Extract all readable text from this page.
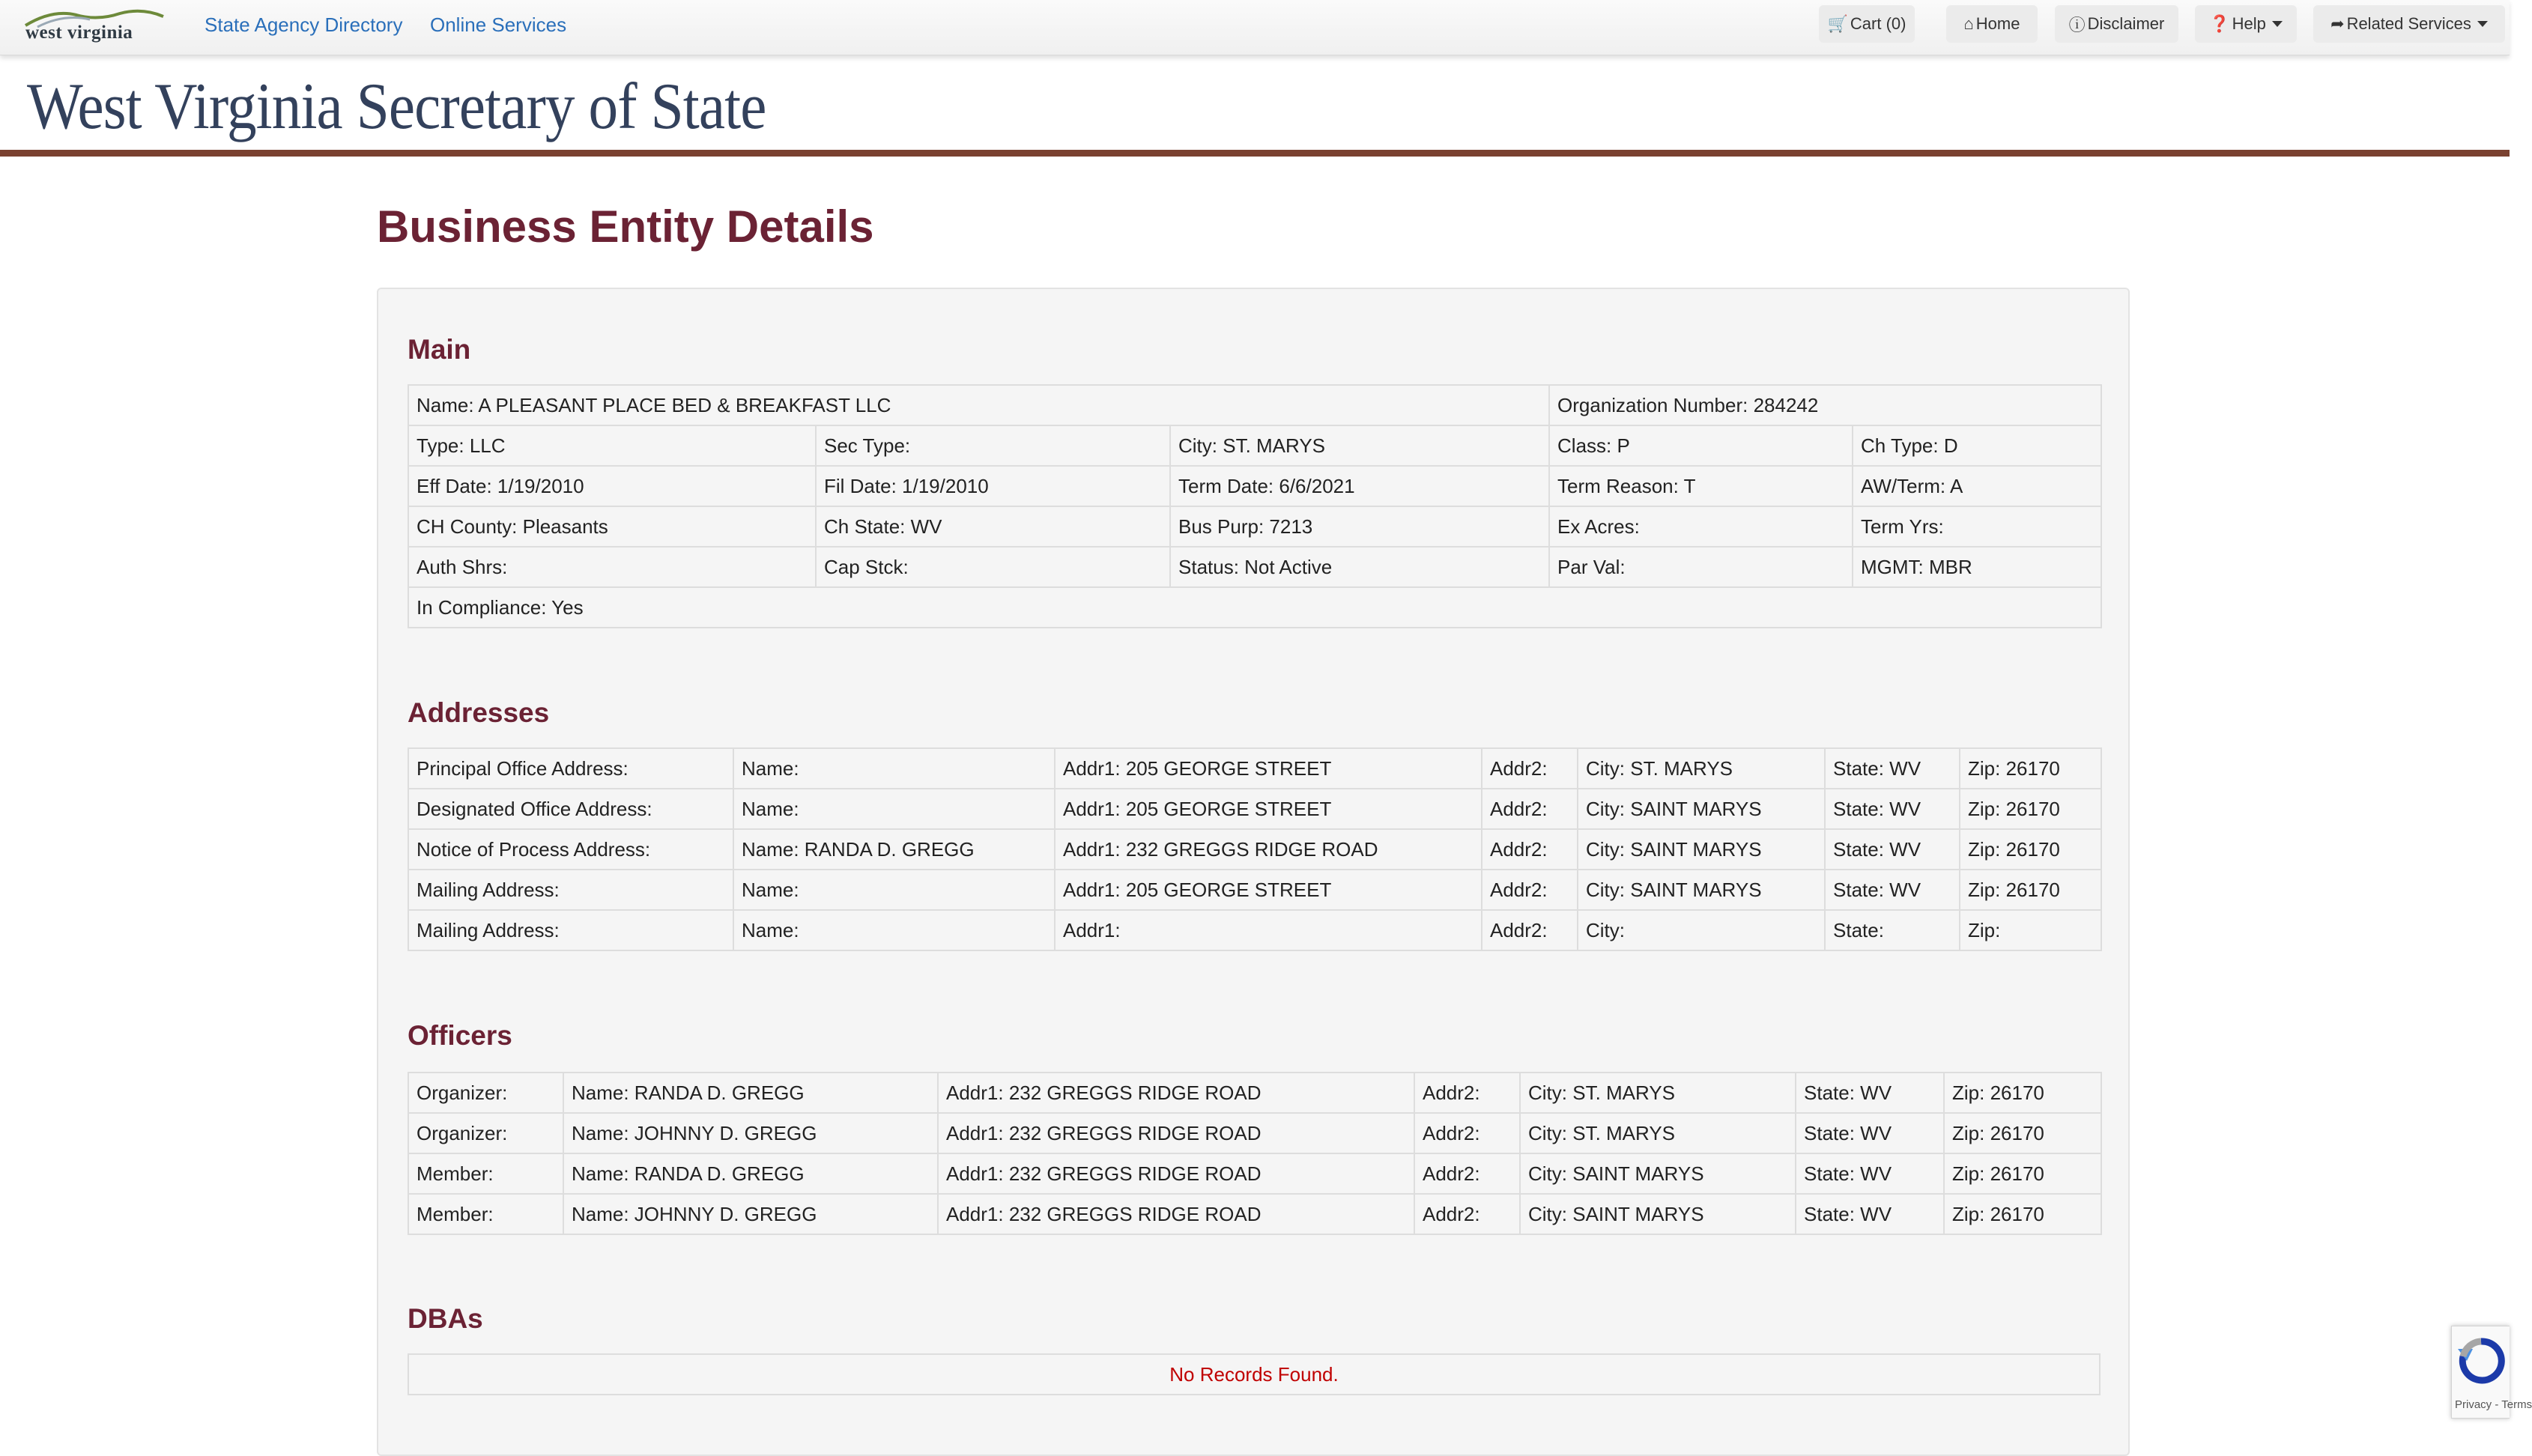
west virginia	State Agency Directory Online Services	🛒 Cart (0)	⌂ Home	ⓘ Disclaimer	❓ Help	➦ Related Services
West Virginia Secretary of State
Business Entity Details
Main
Name: A PLEASANT PLACE BED & BREAKFAST LLC			Organization Number: 284242	
Type: LLC	Sec Type:	City: ST. MARYS	Class: P	Ch Type: D
Eff Date: 1/19/2010	Fil Date: 1/19/2010	Term Date: 6/6/2021	Term Reason: T	AW/Term: A
CH County: Pleasants	Ch State: WV	Bus Purp: 7213	Ex Acres:	Term Yrs:
Auth Shrs:	Cap Stck:	Status: Not Active	Par Val:	MGMT: MBR
In Compliance: Yes				
Addresses
Principal Office Address:	Name:	Addr1: 205 GEORGE STREET	Addr2:	City: ST. MARYS	State: WV	Zip: 26170
Designated Office Address:	Name:	Addr1: 205 GEORGE STREET	Addr2:	City: SAINT MARYS	State: WV	Zip: 26170
Notice of Process Address:	Name: RANDA D. GREGG	Addr1: 232 GREGGS RIDGE ROAD	Addr2:	City: SAINT MARYS	State: WV	Zip: 26170
Mailing Address:	Name:	Addr1: 205 GEORGE STREET	Addr2:	City: SAINT MARYS	State: WV	Zip: 26170
Mailing Address:	Name:	Addr1:	Addr2:	City:	State:	Zip:
Officers
Organizer:	Name: RANDA D. GREGG	Addr1: 232 GREGGS RIDGE ROAD	Addr2:	City: ST. MARYS	State: WV	Zip: 26170
Organizer:	Name: JOHNNY D. GREGG	Addr1: 232 GREGGS RIDGE ROAD	Addr2:	City: ST. MARYS	State: WV	Zip: 26170
Member:	Name: RANDA D. GREGG	Addr1: 232 GREGGS RIDGE ROAD	Addr2:	City: SAINT MARYS	State: WV	Zip: 26170
Member:	Name: JOHNNY D. GREGG	Addr1: 232 GREGGS RIDGE ROAD	Addr2:	City: SAINT MARYS	State: WV	Zip: 26170
DBAs
No Records Found.
Privacy - Terms
